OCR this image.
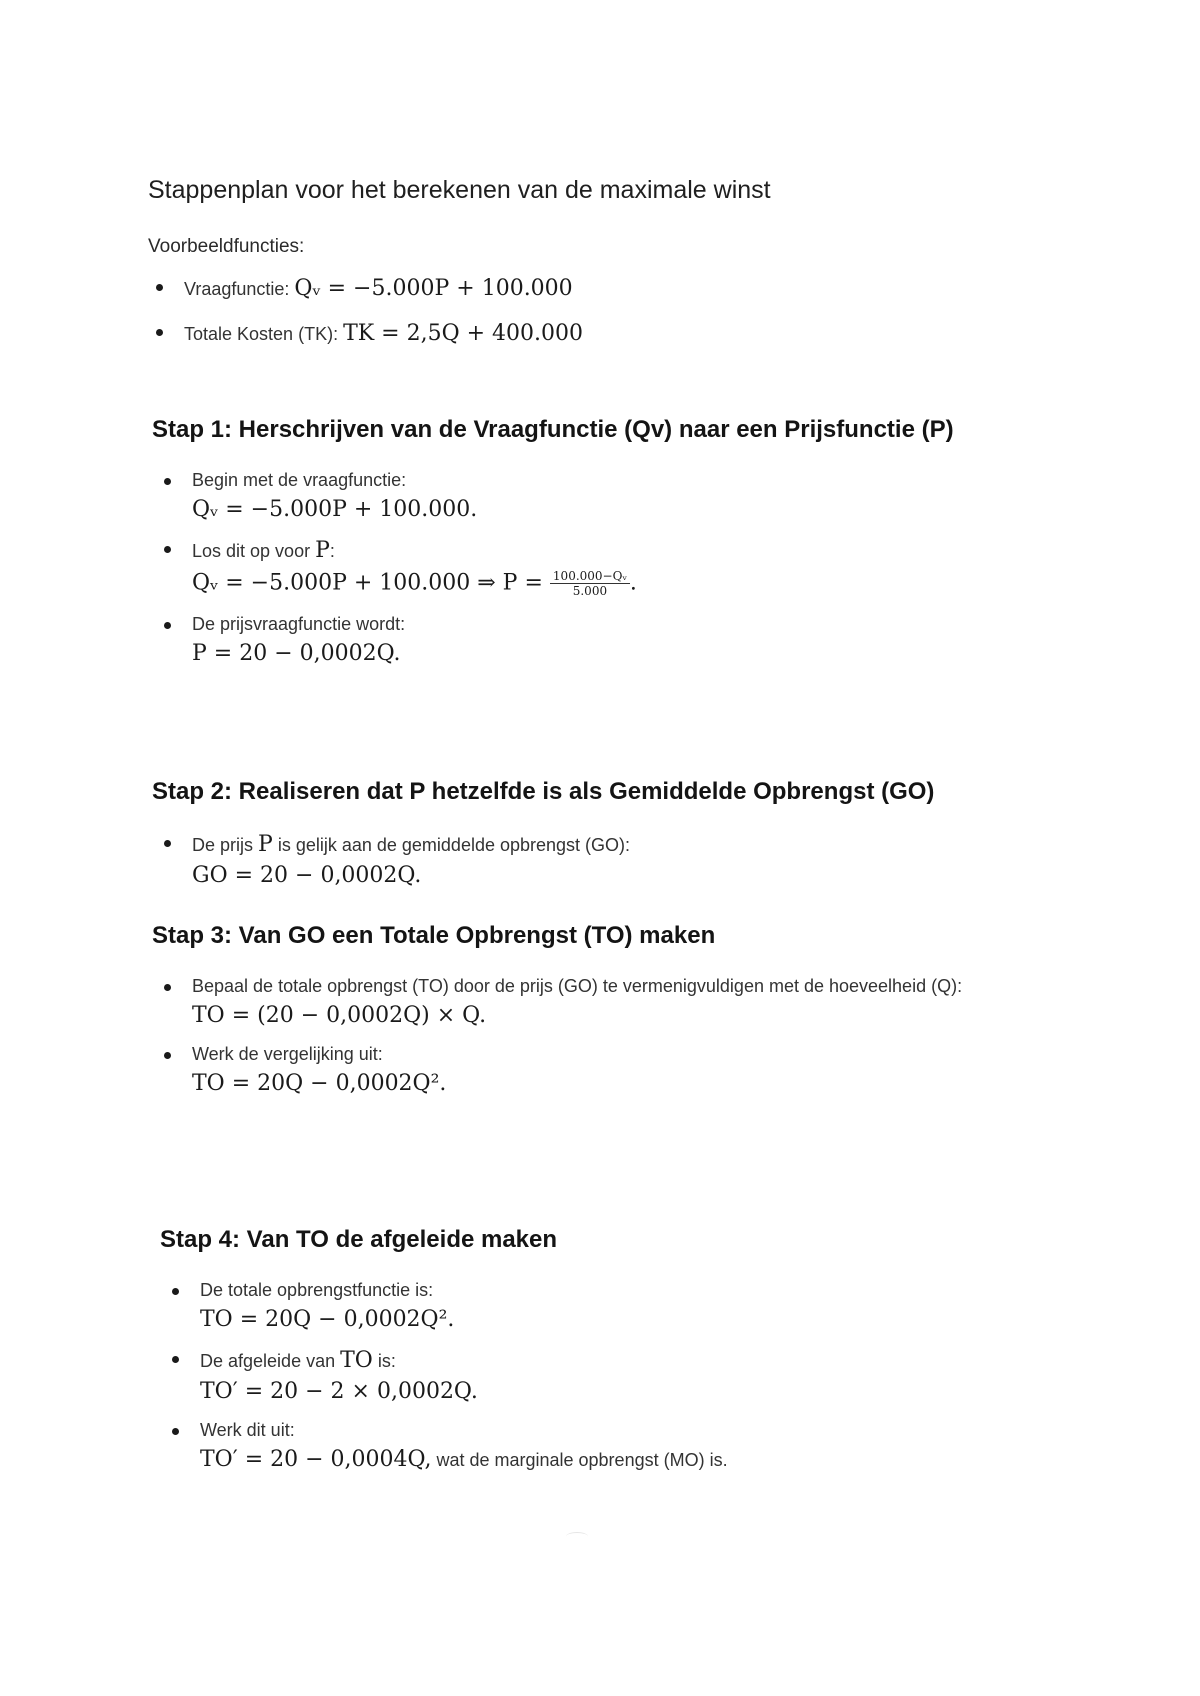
Stappenplan voor het berekenen van de maximale winst

Voorbeeldfuncties:

Vraagfunctie: Qᵥ = −5.000P + 100.000
Totale Kosten (TK): TK = 2,5Q + 400.000
Stap 1: Herschrijven van de Vraagfunctie (Qv) naar een Prijsfunctie (P)
Begin met de vraagfunctie:
Qᵥ = −5.000P + 100.000.
Los dit op voor P:
Qᵥ = −5.000P + 100.000 ⇒ $P = \frac{\text{100.000−Qᵥ}}{5.000}$ .
De prijsvraagfunctie wordt:
P = 20 − 0,0002Q.
Stap 2: Realiseren dat P hetzelfde is als Gemiddelde Opbrengst (GO)
De prijs P is gelijk aan de gemiddelde opbrengst (GO):
GO = 20 − 0,0002Q.
Stap 3: Van GO een Totale Opbrengst (TO) maken
Bepaal de totale opbrengst (TO) door de prijs (GO) te vermenigvuldigen met de hoeveelheid (Q):
TO = (20 − 0,0002Q) × Q.
Werk de vergelijking uit:
TO = 20Q − 0,0002Q².
Stap 4: Van TO de afgeleide maken
De totale opbrengstfunctie is:
TO = 20Q − 0,0002Q².
De afgeleide van TO is:
TO′ = 20 − 2 × 0,0002Q.
Werk dit uit:
TO′ = 20 − 0,0004Q, wat de marginale opbrengst (MO) is.
